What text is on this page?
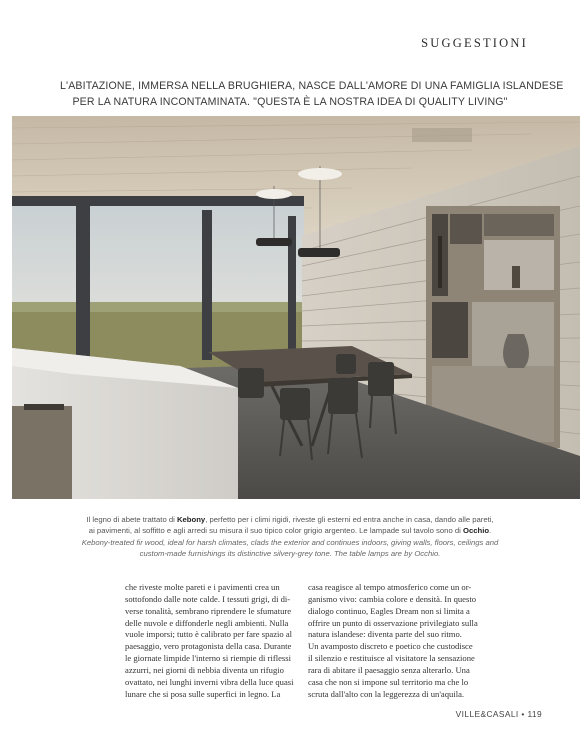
SUGGESTIONI
L'ABITAZIONE, IMMERSA NELLA BRUGHIERA, NASCE DALL'AMORE DI UNA FAMIGLIA ISLANDESE
PER LA NATURA INCONTAMINATA. "QUESTA È LA NOSTRA IDEA DI QUALITY LIVING"
Il legno di abete trattato di Kebony, perfetto per i climi rigidi, riveste gli esterni ed entra anche in casa, dando alle pareti,
ai pavimenti, al soffitto e agli arredi su misura il suo tipico color grigio argenteo. Le lampade sul tavolo sono di Occhio.
Kebony-treated fir wood, ideal for harsh climates, clads the exterior and continues indoors, giving walls, floors, ceilings and
custom-made furnishings its distinctive silvery-grey tone. The table lamps are by Occhio.
che riveste molte pareti e i pavimenti crea un
sottofondo dalle note calde. I tessuti grigi, di di-
verse tonalità, sembrano riprendere le sfumature
delle nuvole e diffonderle negli ambienti. Nulla
vuole imporsi; tutto è calibrato per fare spazio al
paesaggio, vero protagonista della casa. Durante
le giornate limpide l'interno si riempie di riflessi
azzurri, nei giorni di nebbia diventa un rifugio
ovattato, nei lunghi inverni vibra della luce quasi
lunare che si posa sulle superfici in legno. La
casa reagisce al tempo atmosferico come un or-
ganismo vivo: cambia colore e densità. In questo
dialogo continuo, Eagles Dream non si limita a
offrire un punto di osservazione privilegiato sulla
natura islandese: diventa parte del suo ritmo.
Un avamposto discreto e poetico che custodisce
il silenzio e restituisce al visitatore la sensazione
rara di abitare il paesaggio senza alterarlo. Una
casa che non si impone sul territorio ma che lo
scruta dall'alto con la leggerezza di un'aquila.
VILLE&CASALI • 119
